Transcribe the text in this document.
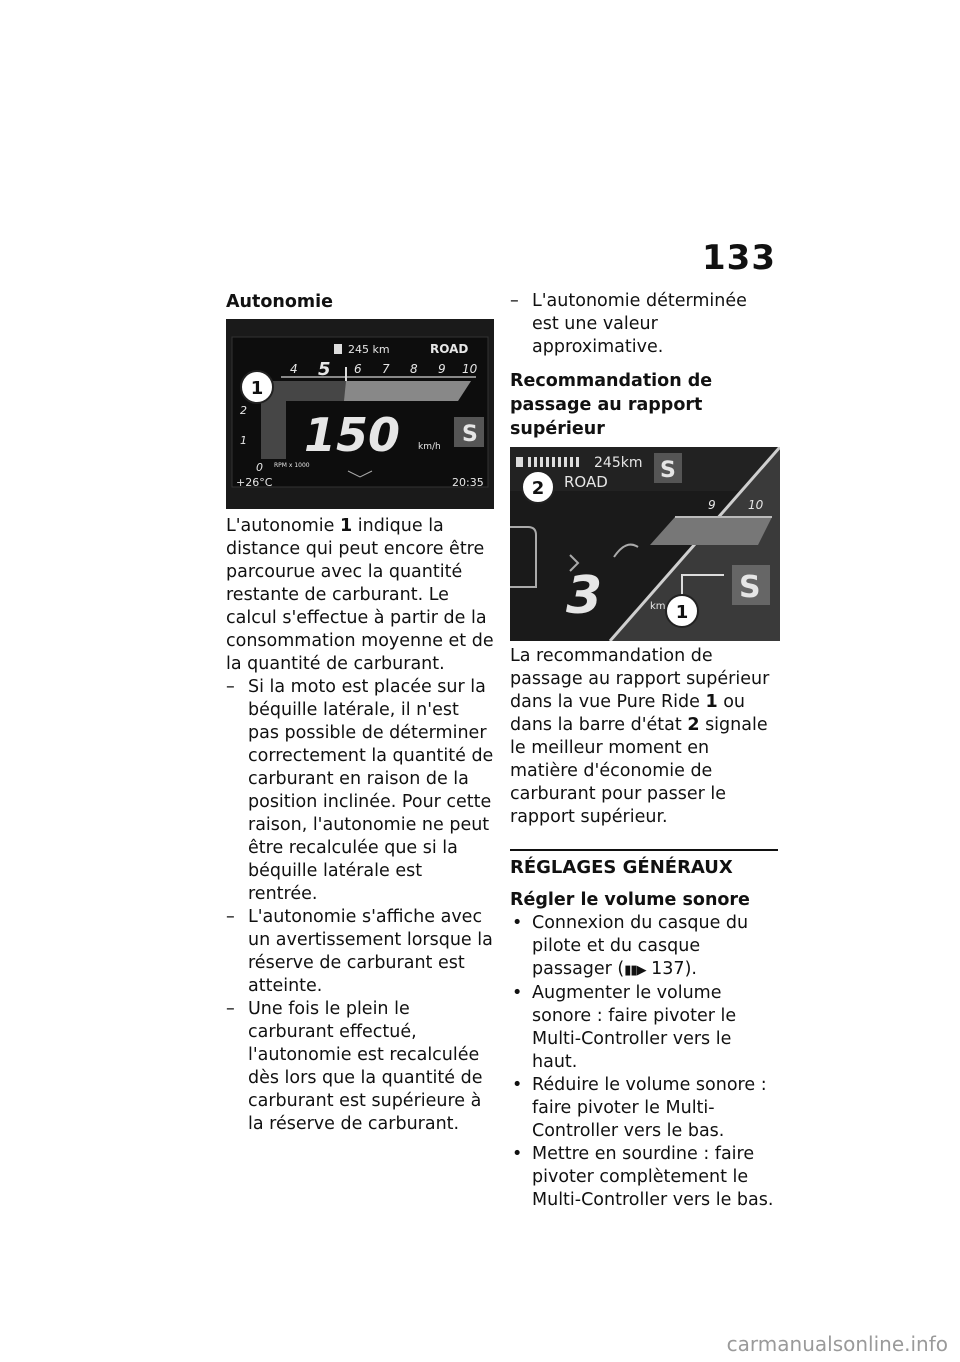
133
Autonomie
245 km	ROAD
4 5 6 7 8 9 10
2
1
0
150 km/h
RPM x 1000
S
+26°C	20:35
1

L'autonomie 1 indique la distance qui peut encore être parcourue avec la quantité restante de carburant. Le calcul s'effectue à partir de la consommation moyenne et de la quantité de carburant.

– Si la moto est placée sur la béquille latérale, il n'est pas possible de déterminer correctement la quantité de carburant en raison de la position inclinée. Pour cette raison, l'autonomie ne peut être recalculée que si la béquille latérale est rentrée.
– L'autonomie s'affiche avec un avertissement lorsque la réserve de carburant est atteinte.
– Une fois le plein le carburant effectué, l'autonomie est recalculée dès lors que la quantité de carburant est supérieure à la réserve de carburant.
– L'autonomie déterminée est une valeur approximative.
Recommandation de passage au rapport supérieur
245km
ROAD S
2
9	10
3	km
S
1

La recommandation de passage au rapport supérieur dans la vue Pure Ride 1 ou dans la barre d'état 2 signale le meilleur moment en matière d'économie de carburant pour passer le rapport supérieur.

RÉGLAGES GÉNÉRAUX
Régler le volume sonore
• Connexion du casque du pilote et du casque passager (▮▮▶ 137).
• Augmenter le volume sonore : faire pivoter le Multi-Controller vers le haut.
• Réduire le volume sonore : faire pivoter le Multi-Controller vers le bas.
• Mettre en sourdine : faire pivoter complètement le Multi-Controller vers le bas.
carmanualsonline.info
